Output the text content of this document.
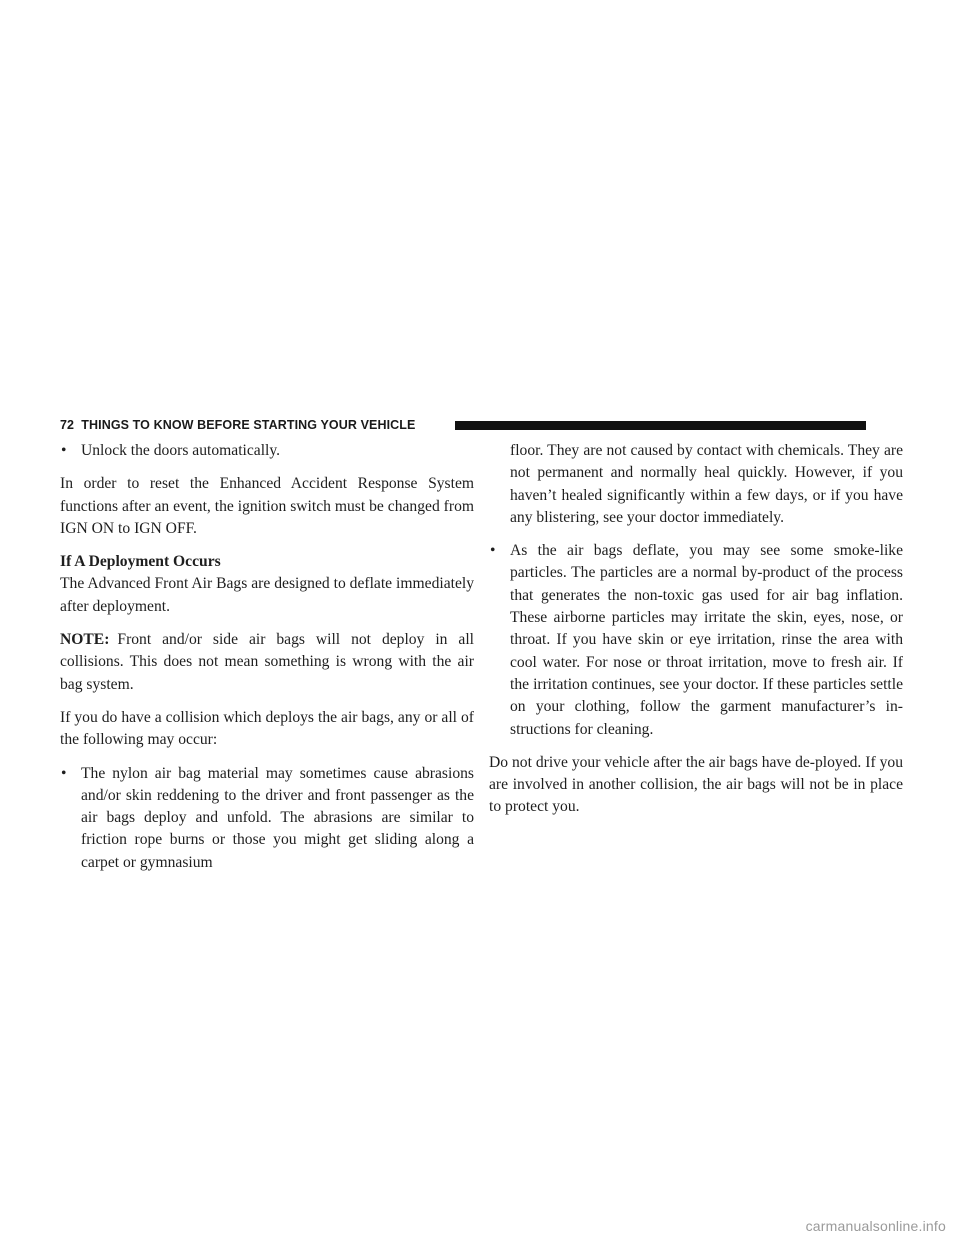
72 THINGS TO KNOW BEFORE STARTING YOUR VEHICLE
• Unlock the doors automatically.

In order to reset the Enhanced Accident Response System functions after an event, the ignition switch must be changed from IGN ON to IGN OFF.

If A Deployment Occurs

The Advanced Front Air Bags are designed to deflate immediately after deployment.

NOTE: Front and/or side air bags will not deploy in all collisions. This does not mean something is wrong with the air bag system.

If you do have a collision which deploys the air bags, any or all of the following may occur:

• The nylon air bag material may sometimes cause abrasions and/or skin reddening to the driver and front passenger as the air bags deploy and unfold. The abrasions are similar to friction rope burns or those you might get sliding along a carpet or gymnasium

floor. They are not caused by contact with chemicals. They are not permanent and normally heal quickly. However, if you haven’t healed significantly within a few days, or if you have any blistering, see your doctor immediately.

• As the air bags deflate, you may see some smoke-like particles. The particles are a normal by-product of the process that generates the non-toxic gas used for air bag inflation. These airborne particles may irritate the skin, eyes, nose, or throat. If you have skin or eye irritation, rinse the area with cool water. For nose or throat irritation, move to fresh air. If the irritation continues, see your doctor. If these particles settle on your clothing, follow the garment manufacturer’s in-structions for cleaning.

Do not drive your vehicle after the air bags have de-ployed. If you are involved in another collision, the air bags will not be in place to protect you.

carmanualsonline.info
